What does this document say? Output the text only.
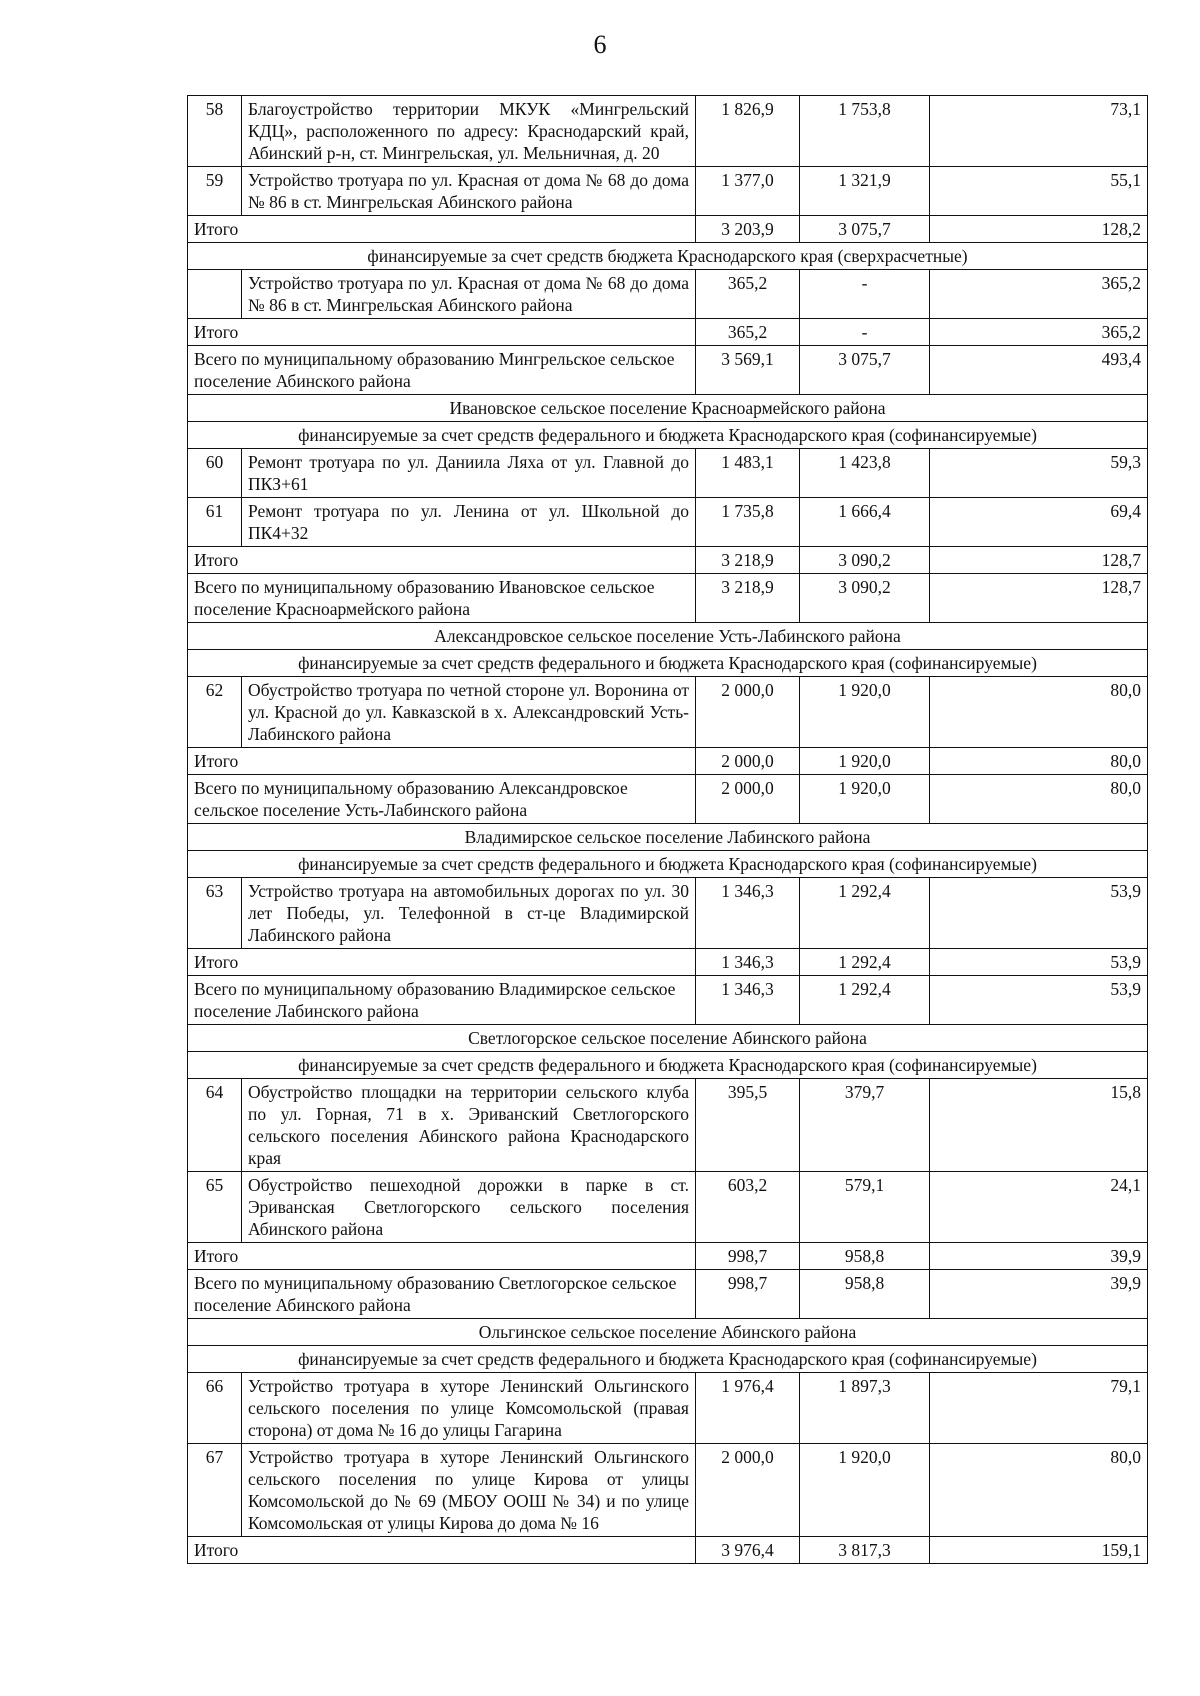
6
58	Благоустройство территории МКУК «Мингрельский КДЦ», расположенного по адресу: Краснодарский край, Абинский р-н, ст. Мингрельская, ул. Мельничная, д. 20	1 826,9	1 753,8	73,1
59	Устройство тротуара по ул. Красная от дома № 68 до дома № 86 в ст. Мингрельская Абинского района	1 377,0	1 321,9	55,1
Итого		3 203,9	3 075,7	128,2
финансируемые за счет средств бюджета Краснодарского края (сверхрасчетные)				
	Устройство тротуара по ул. Красная от дома № 68 до дома № 86 в ст. Мингрельская Абинского района	365,2	-	365,2
Итого		365,2	-	365,2
Всего по муниципальному образованию Мингрельское сельское поселение Абинского района		3 569,1	3 075,7	493,4
Ивановское сельское поселение Красноармейского района				
финансируемые за счет средств федерального и бюджета Краснодарского края (софинансируемые)				
60	Ремонт тротуара по ул. Даниила Ляха от ул. Главной до ПКЗ+61	1 483,1	1 423,8	59,3
61	Ремонт тротуара по ул. Ленина от ул. Школьной до ПК4+32	1 735,8	1 666,4	69,4
Итого		3 218,9	3 090,2	128,7
Всего по муниципальному образованию Ивановское сельское поселение Красноармейского района		3 218,9	3 090,2	128,7
Александровское сельское поселение Усть-Лабинского района				
финансируемые за счет средств федерального и бюджета Краснодарского края (софинансируемые)				
62	Обустройство тротуара по четной стороне ул. Воронина от ул. Красной до ул. Кавказской в х. Александровский Усть-Лабинского района	2 000,0	1 920,0	80,0
Итого		2 000,0	1 920,0	80,0
Всего по муниципальному образованию Александровское сельское поселение Усть-Лабинского района		2 000,0	1 920,0	80,0
Владимирское сельское поселение Лабинского района				
финансируемые за счет средств федерального и бюджета Краснодарского края (софинансируемые)				
63	Устройство тротуара на автомобильных дорогах по ул. 30 лет Победы, ул. Телефонной в ст-це Владимирской Лабинского района	1 346,3	1 292,4	53,9
Итого		1 346,3	1 292,4	53,9
Всего по муниципальному образованию Владимирское сельское поселение Лабинского района		1 346,3	1 292,4	53,9
Светлогорское сельское поселение Абинского района				
финансируемые за счет средств федерального и бюджета Краснодарского края (софинансируемые)				
64	Обустройство площадки на территории сельского клуба по ул. Горная, 71 в х. Эриванский Светлогорского сельского поселения Абинского района Краснодарского края	395,5	379,7	15,8
65	Обустройство пешеходной дорожки в парке в ст. Эриванская Светлогорского сельского поселения Абинского района	603,2	579,1	24,1
Итого		998,7	958,8	39,9
Всего по муниципальному образованию Светлогорское сельское поселение Абинского района		998,7	958,8	39,9
Ольгинское сельское поселение Абинского района				
финансируемые за счет средств федерального и бюджета Краснодарского края (софинансируемые)				
66	Устройство тротуара в хуторе Ленинский Ольгинского сельского поселения по улице Комсомольской (правая сторона) от дома № 16 до улицы Гагарина	1 976,4	1 897,3	79,1
67	Устройство тротуара в хуторе Ленинский Ольгинского сельского поселения по улице Кирова от улицы Комсомольской до № 69 (МБОУ ООШ № 34) и по улице Комсомольская от улицы Кирова до дома № 16	2 000,0	1 920,0	80,0
Итого		3 976,4	3 817,3	159,1
